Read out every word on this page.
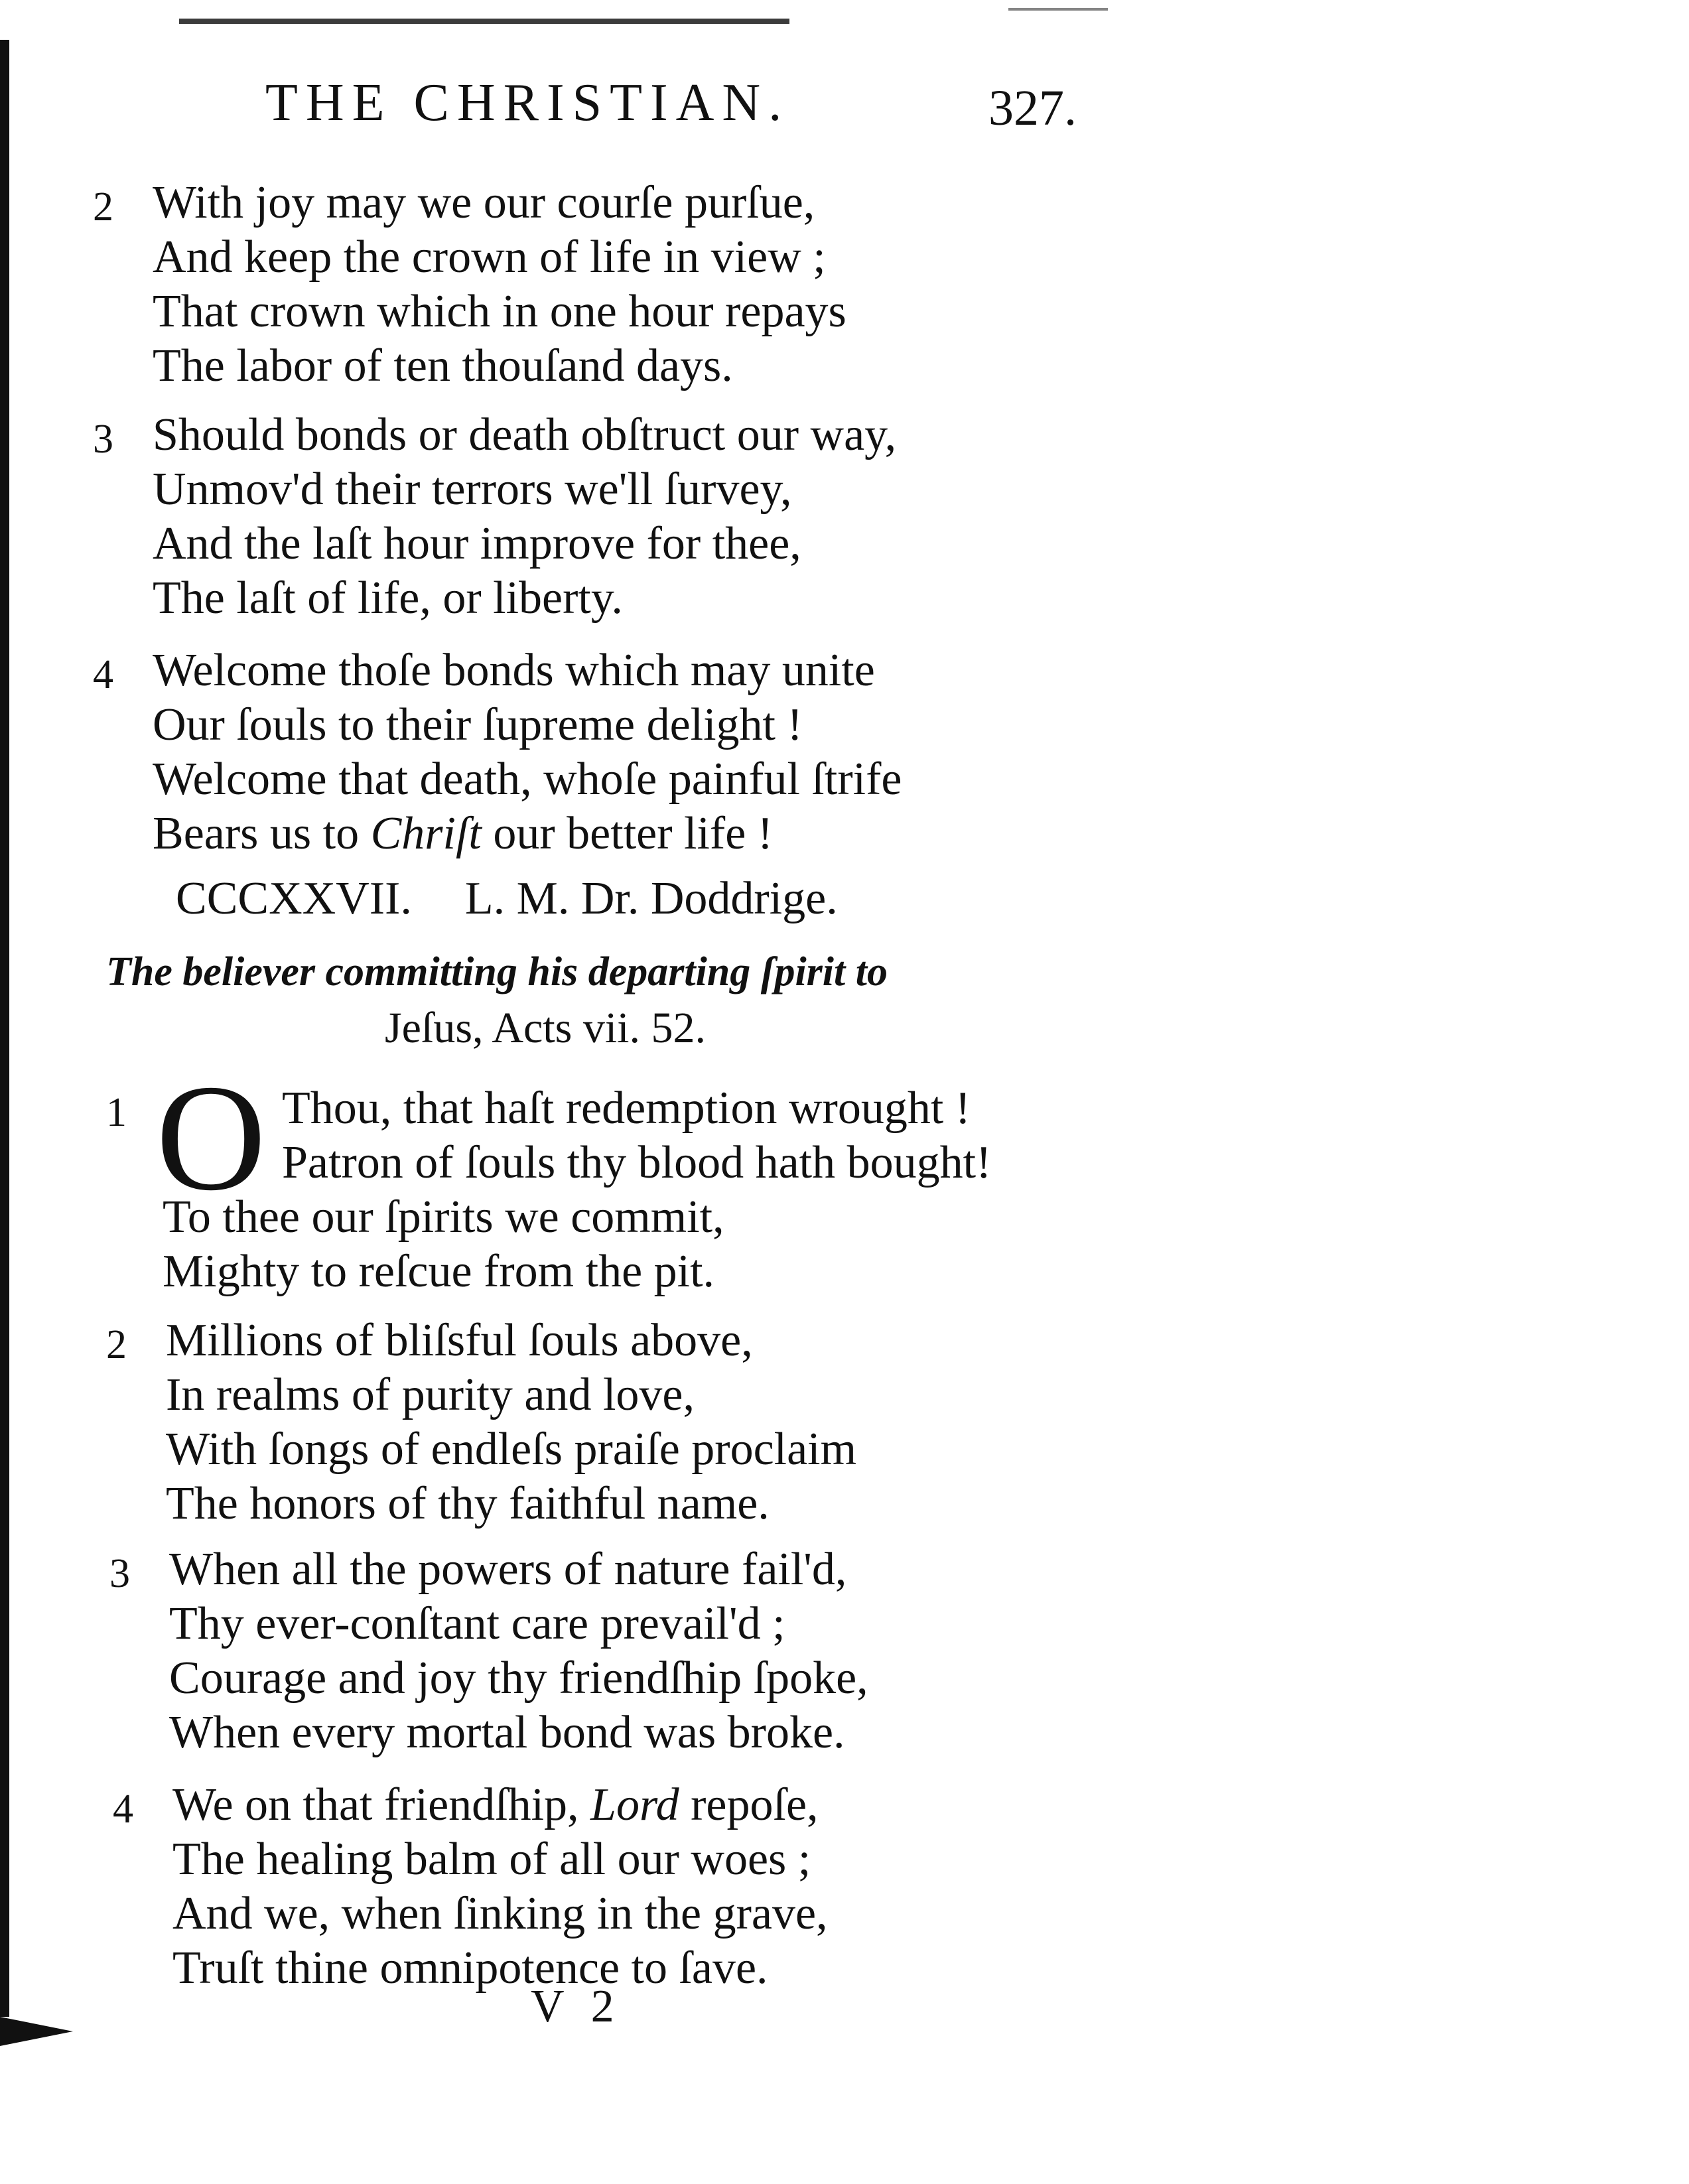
THE CHRISTIAN.	327.
2 With joy may we our courſe purſue,
And keep the crown of life in view ;
That crown which in one hour repays
The labor of ten thouſand days.
3 Should bonds or death obſtruct our way,
Unmov'd their terrors we'll ſurvey,
And the laſt hour improve for thee,
The laſt of life, or liberty.
4 Welcome thoſe bonds which may unite
Our ſouls to their ſupreme delight !
Welcome that death, whoſe painful ſtrife
Bears us to Chriſt our better life !
CCCXXVII. L. M. Dr. Doddrige.
The believer committing his departing ſpirit to
Jeſus, Acts vii. 52.
1 O Thou, that haſt redemption wrought !
Patron of ſouls thy blood hath bought!
To thee our ſpirits we commit,
Mighty to reſcue from the pit.
2 Millions of bliſsful ſouls above,
In realms of purity and love,
With ſongs of endleſs praiſe proclaim
The honors of thy faithful name.
3 When all the powers of nature fail'd,
Thy ever-conſtant care prevail'd ;
Courage and joy thy friendſhip ſpoke,
When every mortal bond was broke.
4 We on that friendſhip, Lord repoſe,
The healing balm of all our woes ;
And we, when ſinking in the grave,
Truſt thine omnipotence to ſave.
V 2
